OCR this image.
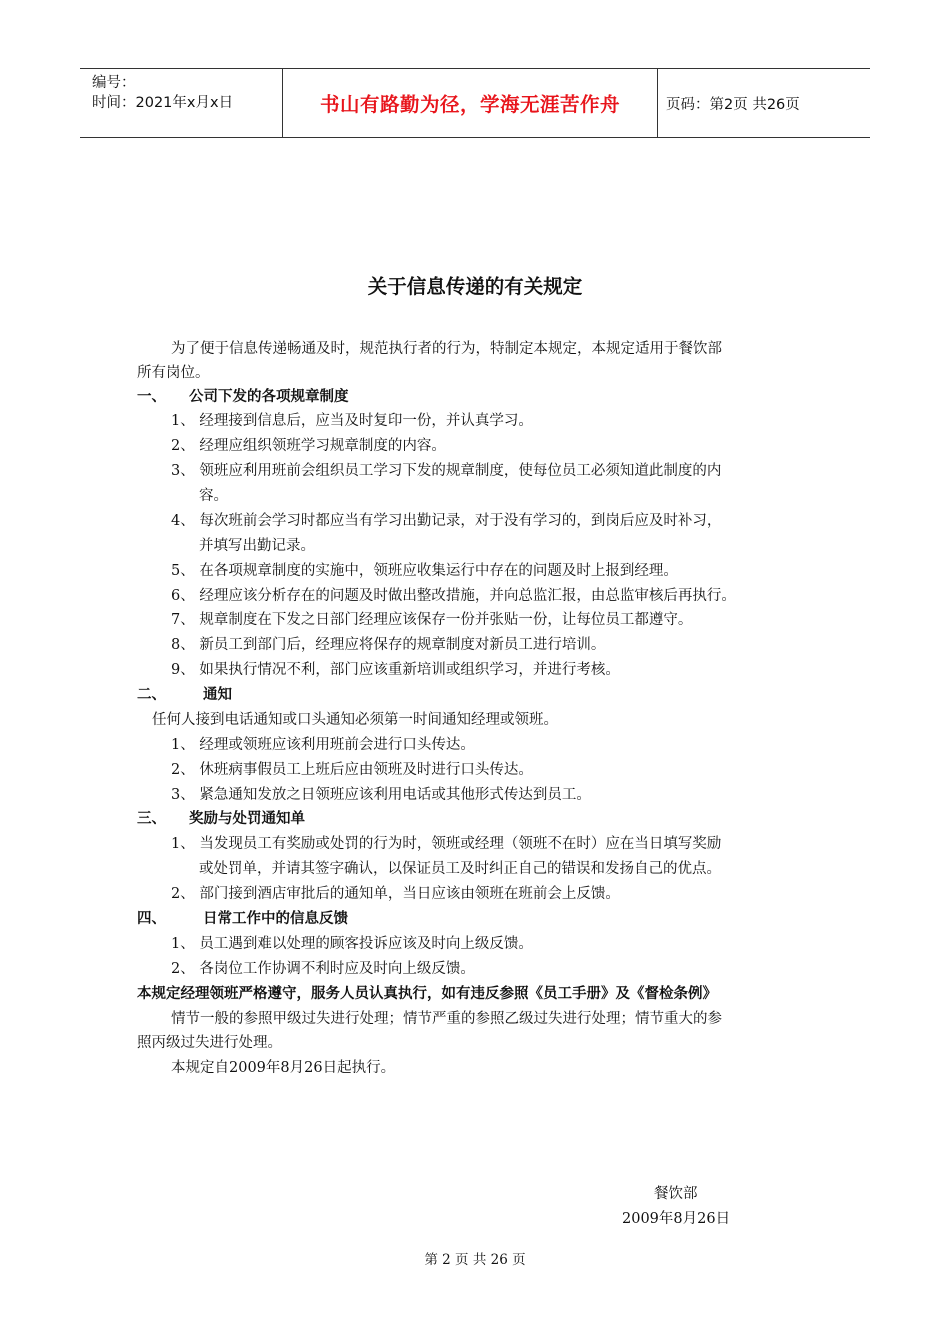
编号：
时间：2021年x月x日	书山有路勤为径，学海无涯苦作舟	页码：第2页 共26页
关于信息传递的有关规定
为了便于信息传递畅通及时，规范执行者的行为，特制定本规定，本规定适用于餐饮部
所有岗位。
一、 公司下发的各项规章制度
1、 经理接到信息后，应当及时复印一份，并认真学习。
2、 经理应组织领班学习规章制度的内容。
3、 领班应利用班前会组织员工学习下发的规章制度，使每位员工必须知道此制度的内
容。
4、 每次班前会学习时都应当有学习出勤记录，对于没有学习的，到岗后应及时补习，
并填写出勤记录。
5、 在各项规章制度的实施中，领班应收集运行中存在的问题及时上报到经理。
6、 经理应该分析存在的问题及时做出整改措施，并向总监汇报，由总监审核后再执行。
7、 规章制度在下发之日部门经理应该保存一份并张贴一份，让每位员工都遵守。
8、 新员工到部门后，经理应将保存的规章制度对新员工进行培训。
9、 如果执行情况不利，部门应该重新培训或组织学习，并进行考核。
二、	通知
任何人接到电话通知或口头通知必须第一时间通知经理或领班。
1、 经理或领班应该利用班前会进行口头传达。
2、 休班病事假员工上班后应由领班及时进行口头传达。
3、 紧急通知发放之日领班应该利用电话或其他形式传达到员工。
三、 奖励与处罚通知单
1、 当发现员工有奖励或处罚的行为时，领班或经理（领班不在时）应在当日填写奖励
或处罚单，并请其签字确认，以保证员工及时纠正自己的错误和发扬自己的优点。
2、 部门接到酒店审批后的通知单，当日应该由领班在班前会上反馈。
四、	日常工作中的信息反馈
1、 员工遇到难以处理的顾客投诉应该及时向上级反馈。
2、 各岗位工作协调不利时应及时向上级反馈。
本规定经理领班严格遵守，服务人员认真执行，如有违反参照《员工手册》及《督检条例》
情节一般的参照甲级过失进行处理；情节严重的参照乙级过失进行处理；情节重大的参
照丙级过失进行处理。
本规定自2009年8月26日起执行。
餐饮部
2009年8月26日
第 2 页 共 26 页
